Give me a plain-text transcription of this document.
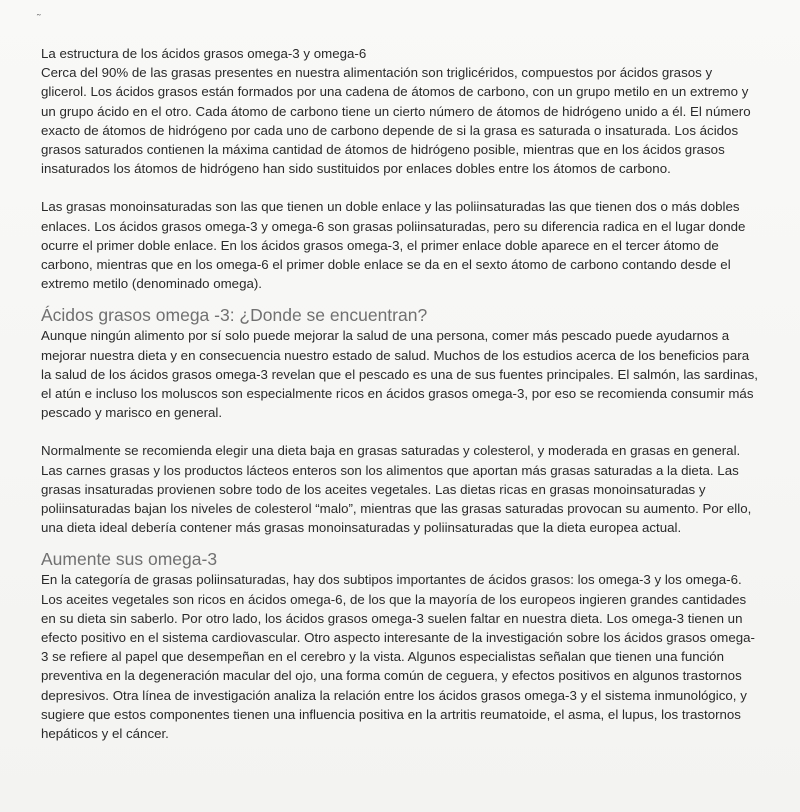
˜

La estructura de los ácidos grasos omega-3 y omega-6

Cerca del 90% de las grasas presentes en nuestra alimentación son triglicéridos, compuestos por ácidos grasos y glicerol. Los ácidos grasos están formados por una cadena de átomos de carbono, con un grupo metilo en un extremo y un grupo ácido en el otro. Cada átomo de carbono tiene un cierto número de átomos de hidrógeno unido a él. El número exacto de átomos de hidrógeno por cada uno de carbono depende de si la grasa es saturada o insaturada. Los ácidos grasos saturados contienen la máxima cantidad de átomos de hidrógeno posible, mientras que en los ácidos grasos insaturados los átomos de hidrógeno han sido sustituidos por enlaces dobles entre los átomos de carbono.

Las grasas monoinsaturadas son las que tienen un doble enlace y las poliinsaturadas las que tienen dos o más dobles enlaces. Los ácidos grasos omega-3 y omega-6 son grasas poliinsaturadas, pero su diferencia radica en el lugar donde ocurre el primer doble enlace. En los ácidos grasos omega-3, el primer enlace doble aparece en el tercer átomo de carbono, mientras que en los omega-6 el primer doble enlace se da en el sexto átomo de carbono contando desde el extremo metilo (denominado omega).

Ácidos grasos omega -3: ¿Donde se encuentran?

Aunque ningún alimento por sí solo puede mejorar la salud de una persona, comer más pescado puede ayudarnos a mejorar nuestra dieta y en consecuencia nuestro estado de salud. Muchos de los estudios acerca de los beneficios para la salud de los ácidos grasos omega-3 revelan que el pescado es una de sus fuentes principales. El salmón, las sardinas, el atún e incluso los moluscos son especialmente ricos en ácidos grasos omega-3, por eso se recomienda consumir más pescado y marisco en general.

Normalmente se recomienda elegir una dieta baja en grasas saturadas y colesterol, y moderada en grasas en general. Las carnes grasas y los productos lácteos enteros son los alimentos que aportan más grasas saturadas a la dieta. Las grasas insaturadas provienen sobre todo de los aceites vegetales. Las dietas ricas en grasas monoinsaturadas y poliinsaturadas bajan los niveles de colesterol “malo”, mientras que las grasas saturadas provocan su aumento. Por ello, una dieta ideal debería contener más grasas monoinsaturadas y poliinsaturadas que la dieta europea actual.

Aumente sus omega-3

En la categoría de grasas poliinsaturadas, hay dos subtipos importantes de ácidos grasos: los omega-3 y los omega-6. Los aceites vegetales son ricos en ácidos omega-6, de los que la mayoría de los europeos ingieren grandes cantidades en su dieta sin saberlo. Por otro lado, los ácidos grasos omega-3 suelen faltar en nuestra dieta. Los omega-3 tienen un efecto positivo en el sistema cardiovascular. Otro aspecto interesante de la investigación sobre los ácidos grasos omega-3 se refiere al papel que desempeñan en el cerebro y la vista. Algunos especialistas señalan que tienen una función preventiva en la degeneración macular del ojo, una forma común de ceguera, y efectos positivos en algunos trastornos depresivos. Otra línea de investigación analiza la relación entre los ácidos grasos omega-3 y el sistema inmunológico, y sugiere que estos componentes tienen una influencia positiva en la artritis reumatoide, el asma, el lupus, los trastornos hepáticos y el cáncer.
